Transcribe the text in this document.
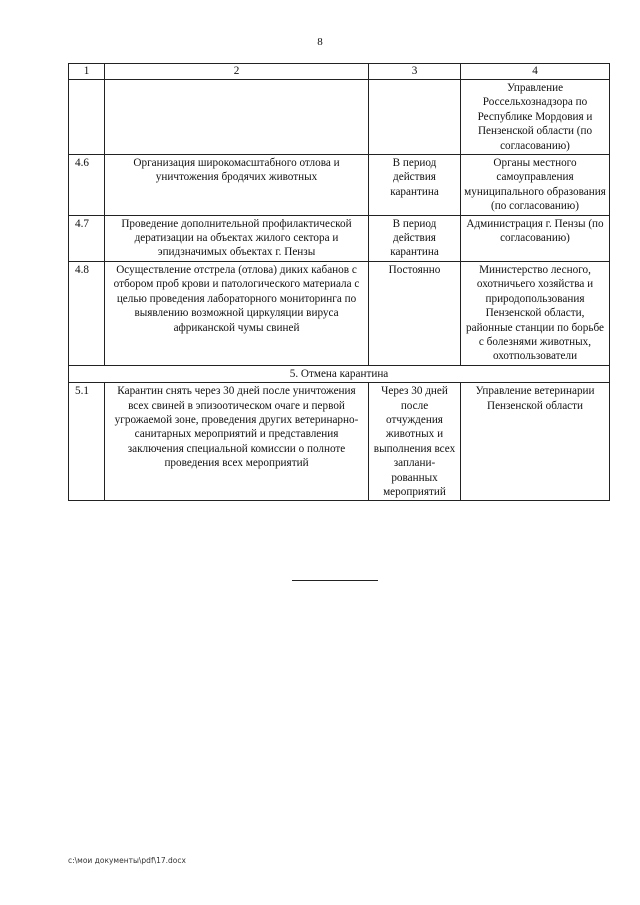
8
1	2	3	4
			Управление Россельхознадзора по Республике Мордовия и Пензенской области (по согласованию)
4.6	Организация широкомасштабного отлова и уничтожения бродячих животных	В период действия карантина	Органы местного самоуправления муниципального образования (по согласованию)
4.7	Проведение дополнительной профилактической дератизации на объектах жилого сектора и эпидзначимых объектах г. Пензы	В период действия карантина	Администрация г. Пензы (по согласованию)
4.8	Осуществление отстрела (отлова) диких кабанов с отбором проб крови и патологического материала с целью проведения лабораторного мониторинга по выявлению возможной циркуляции вируса африканской чумы свиней	Постоянно	Министерство лесного, охотничьего хозяйства и природопользования Пензенской области, районные станции по борьбе с болезнями животных, охотпользователи
5. Отмена карантина			
5.1	Карантин снять через 30 дней после уничтожения всех свиней в эпизоотическом очаге и первой угрожаемой зоне, проведения других ветеринарно-санитарных мероприятий и представления заключения специальной комиссии о полноте проведения всех мероприятий	Через 30 дней после отчуждения животных и выполнения всех заплани-рованных мероприятий	Управление ветеринарии Пензенской области
c:\мои документы\pdf\17.docx
